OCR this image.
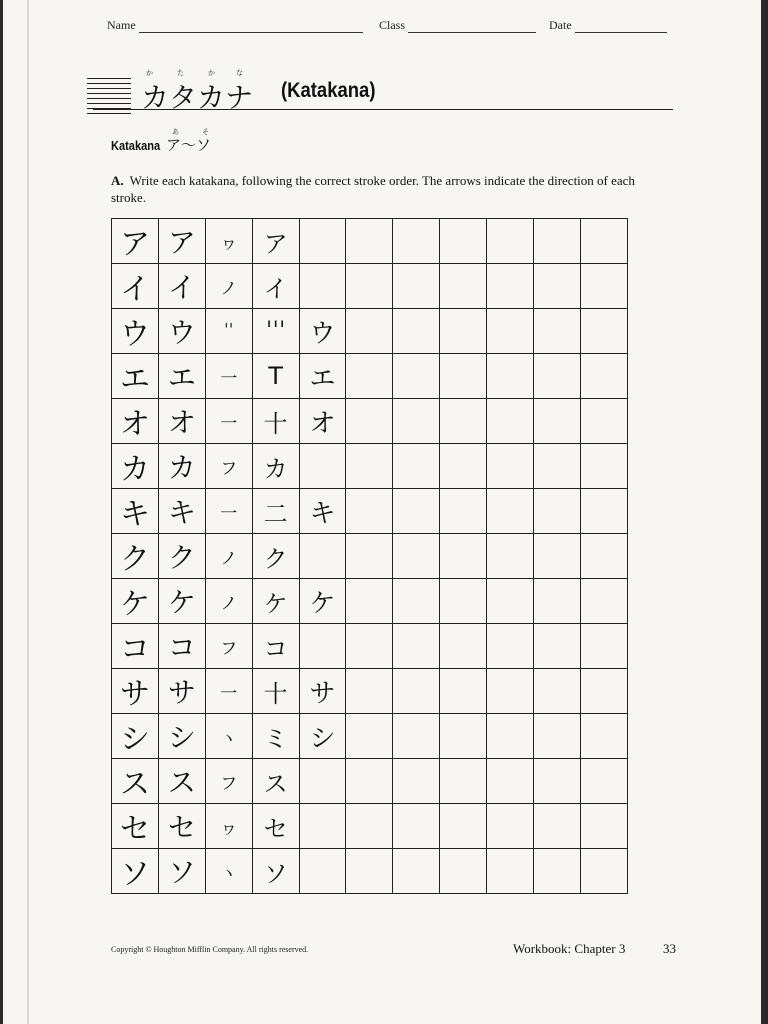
Name	Class	Date
か	た	か	な
カタカナ (Katakana)
あ	そ
Katakana ア～ソ
A. Write each katakana, following the correct stroke order. The arrows indicate the direction of each stroke.
ア	ア	ヮ	ア							
イ	イ	ノ	イ							
ウ	ウ	ˈˈ	ˈˈˈ	ウ						
エ	エ	一	T	エ						
オ	オ	一	十	オ						
カ	カ	フ	カ							
キ	キ	一	二	キ						
ク	ク	ノ	ク							
ケ	ケ	ノ	ケ	ケ						
コ	コ	フ	コ							
サ	サ	一	十	サ						
シ	シ	ヽ	ミ	シ						
ス	ス	フ	ス							
セ	セ	ヮ	セ							
ソ	ソ	ヽ	ソ							
Copyright © Houghton Mifflin Company. All rights reserved.	Workbook: Chapter 3	33
